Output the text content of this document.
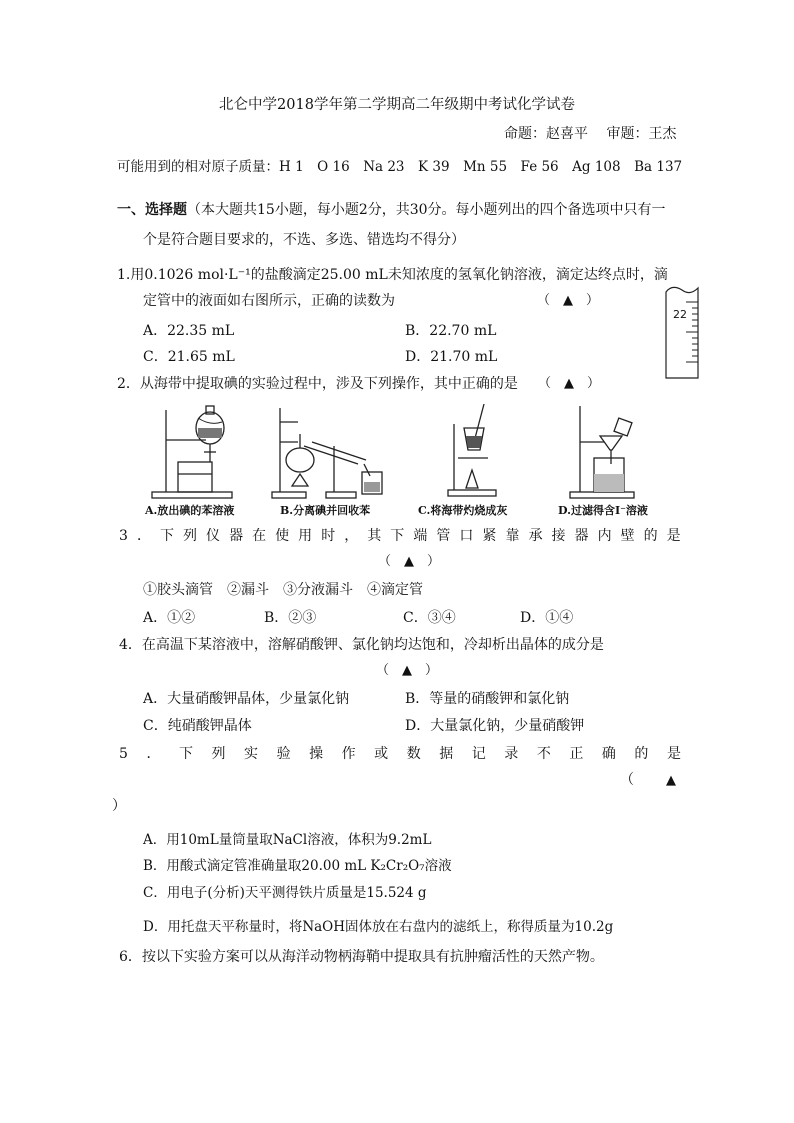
北仑中学2018学年第二学期高二年级期中考试化学试卷
命题：赵喜平　 审题：王杰
可能用到的相对原子质量：H 1　O 16　Na 23　K 39　Mn 55　Fe 56　Ag 108　Ba 137
一、选择题（本大题共15小题，每小题2分，共30分。每小题列出的四个备选项中只有一
个是符合题目要求的，不选、多选、错选均不得分）
1.用0.1026 mol·L⁻¹的盐酸滴定25.00 mL未知浓度的氢氧化钠溶液，滴定达终点时，滴
定管中的液面如右图所示，正确的读数为	（　▲　）
A．22.35 mL	B．22.70 mL
C．21.65 mL	D．21.70 mL
22
2．从海带中提取碘的实验过程中，涉及下列操作，其中正确的是 （　▲　）
A.放出碘的苯溶液	B.分离碘并回收苯	C.将海带灼烧成灰	D.过滤得含I⁻溶液
3 ． 下 列 仪 器 在 使 用 时 ， 其 下 端 管 口 紧 靠 承 接 器 内 壁 的 是
（　▲　）
①胶头滴管　②漏斗　③分液漏斗　④滴定管
A．①②	B．②③	C．③④	D．①④
4．在高温下某溶液中，溶解硝酸钾、氯化钠均达饱和，冷却析出晶体的成分是
（　▲　）
A．大量硝酸钾晶体，少量氯化钠	B．等量的硝酸钾和氯化钠
C．纯硝酸钾晶体	D．大量氯化钠，少量硝酸钾
5 ． 下 列 实 验 操 作 或 数 据 记 录 不 正 确 的 是
（ ▲
）
A．用10mL量筒量取NaCl溶液，体积为9.2mL
B．用酸式滴定管准确量取20.00 mL K₂Cr₂O₇溶液
C．用电子(分析)天平测得铁片质量是15.524 g
D．用托盘天平称量时，将NaOH固体放在右盘内的滤纸上，称得质量为10.2g
6．按以下实验方案可以从海洋动物柄海鞘中提取具有抗肿瘤活性的天然产物。
